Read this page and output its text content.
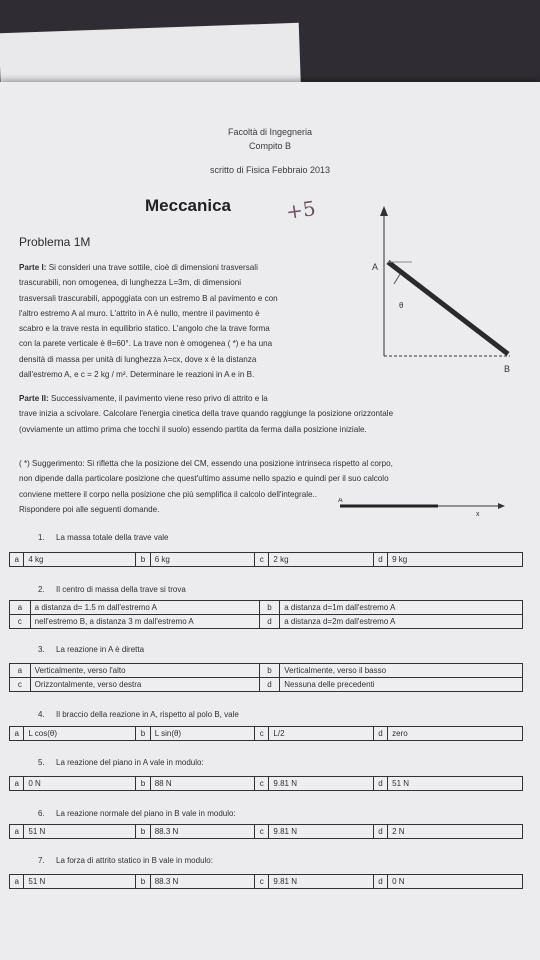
Facoltà di Ingegneria
Compito B
scritto di Fisica Febbraio 2013
Meccanica	+5
Problema 1M
Parte I: Si consideri una trave sottile, cioè di dimensioni trasversali
trascurabili, non omogenea, di lunghezza L=3m, di dimensioni
trasversali trascurabili, appoggiata con un estremo B al pavimento e con
l'altro estremo A al muro. L'attrito in A è nullo, mentre il pavimento è
scabro e la trave resta in equilibrio statico. L'angolo che la trave forma
con la parete verticale è θ=60°. La trave non è omogenea ( *) e ha una
densità di massa per unità di lunghezza λ=cx, dove x è la distanza
dall'estremo A, e c = 2 kg / m². Determinare le reazioni in A e in B.
A
B
θ
Parte II: Successivamente, il pavimento viene reso privo di attrito e la
trave inizia a scivolare. Calcolare l'energia cinetica della trave quando raggiunge la posizione orizzontale
(ovviamente un attimo prima che tocchi il suolo) essendo partita da ferma dalla posizione iniziale.
( *) Suggerimento: Si rifletta che la posizione del CM, essendo una posizione intrinseca rispetto al corpo,
non dipende dalla particolare posizione che quest'ultimo assume nello spazio e quindi per il suo calcolo
conviene mettere il corpo nella posizione che più semplifica il calcolo dell'integrale..
Rispondere poi alle seguenti domande.
A
x
1. La massa totale della trave vale
a	4 kg	b	6 kg	c	2 kg	d	9 kg
2. Il centro di massa della trave si trova
a	a distanza d= 1.5 m dall'estremo A	b	a distanza d=1m dall'estremo A
c	nell'estremo B, a distanza 3 m dall'estremo A	d	a distanza d=2m dall'estremo A
3. La reazione in A è diretta
a	Verticalmente, verso l'alto	b	Verticalmente, verso il basso
c	Orizzontalmente, verso destra	d	Nessuna delle precedenti
4. Il braccio della reazione in A, rispetto al polo B, vale
a	L cos(θ)	b	L sin(θ)	c	L/2	d	zero
5. La reazione del piano in A vale in modulo:
a	0 N	b	88 N	c	9.81 N	d	51 N
6. La reazione normale del piano in B vale in modulo:
a	51 N	b	88.3 N	c	9.81 N	d	2 N
7. La forza di attrito statico in B vale in modulo:
a	51 N	b	88.3 N	c	9.81 N	d	0 N
